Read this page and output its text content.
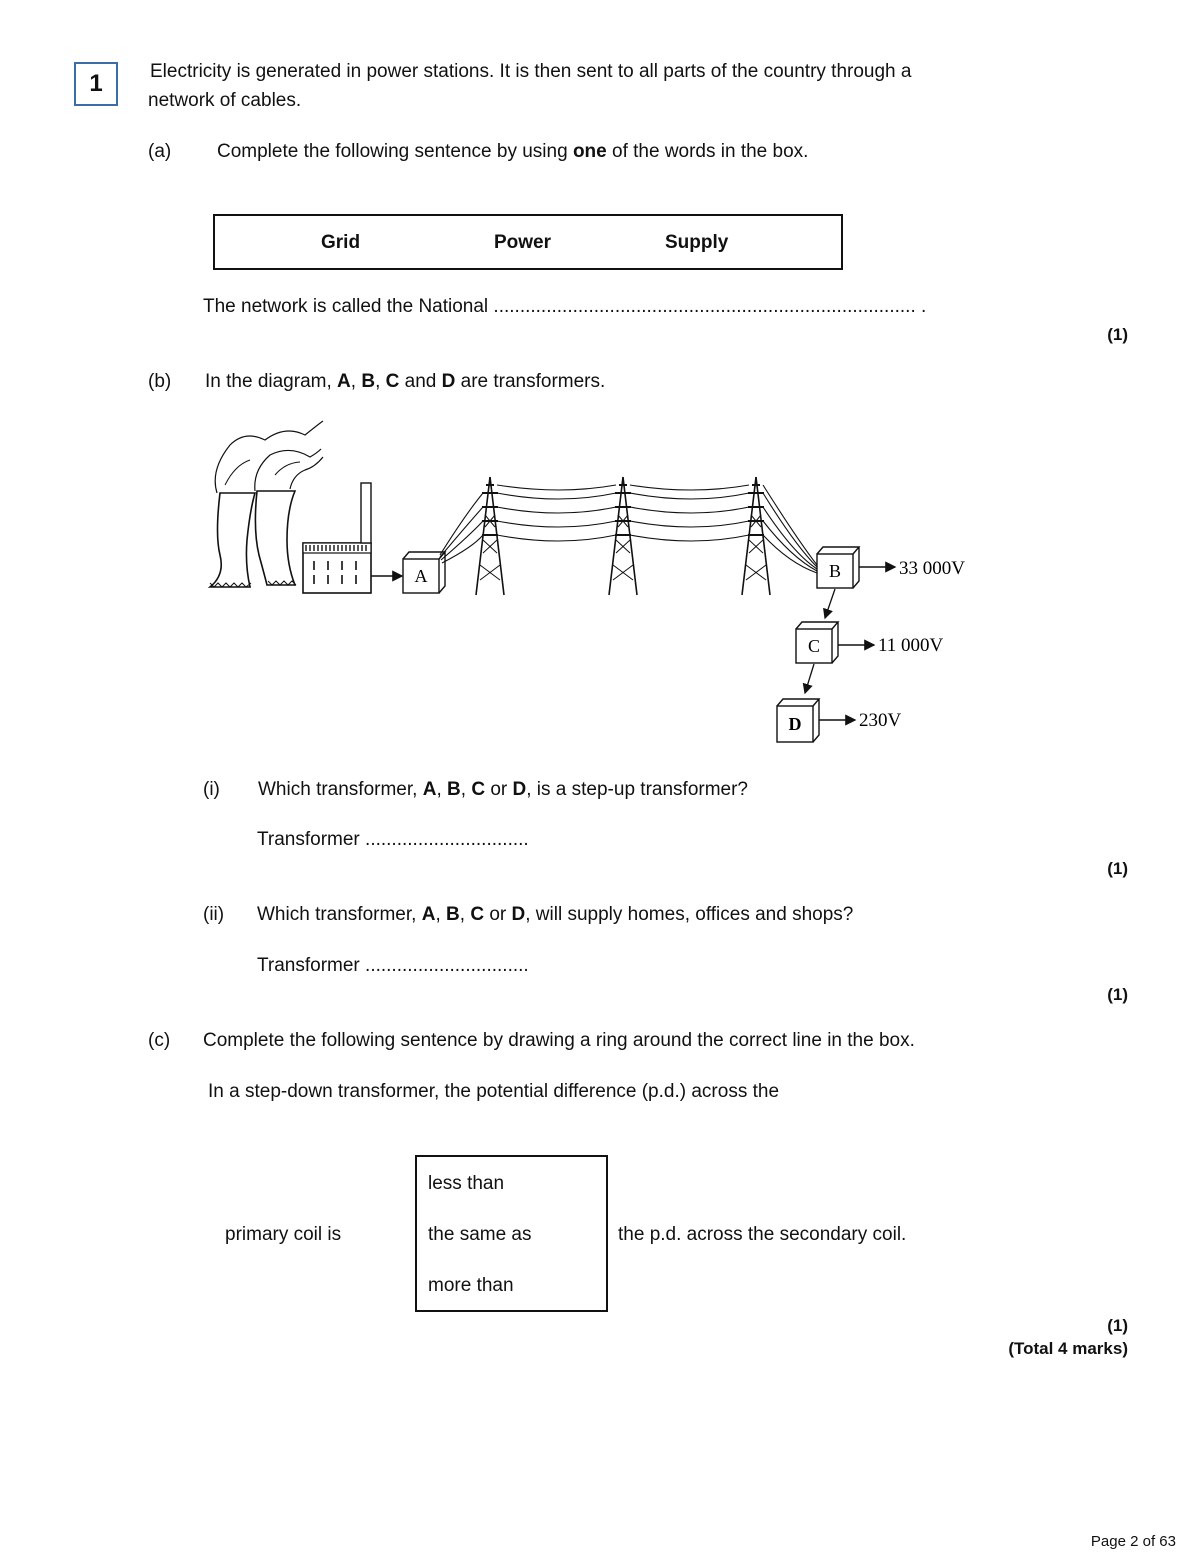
1	Electricity is generated in power stations. It is then sent to all parts of the country through a
network of cables.
(a) Complete the following sentence by using one of the words in the box.
Grid	Power	Supply
The network is called the National ................................................................................ .
(1)
(b) In the diagram, A, B, C and D are transformers.
A	B	33 000V
C	11 000V
D	230V
(i) Which transformer, A, B, C or D, is a step-up transformer?
Transformer ...............................
(1)
(ii) Which transformer, A, B, C or D, will supply homes, offices and shops?
Transformer ...............................
(1)
(c) Complete the following sentence by drawing a ring around the correct line in the box.
In a step-down transformer, the potential difference (p.d.) across the
primary coil is
less than
the same as
more than
the p.d. across the secondary coil.
(1)
(Total 4 marks)
Page 2 of 63
